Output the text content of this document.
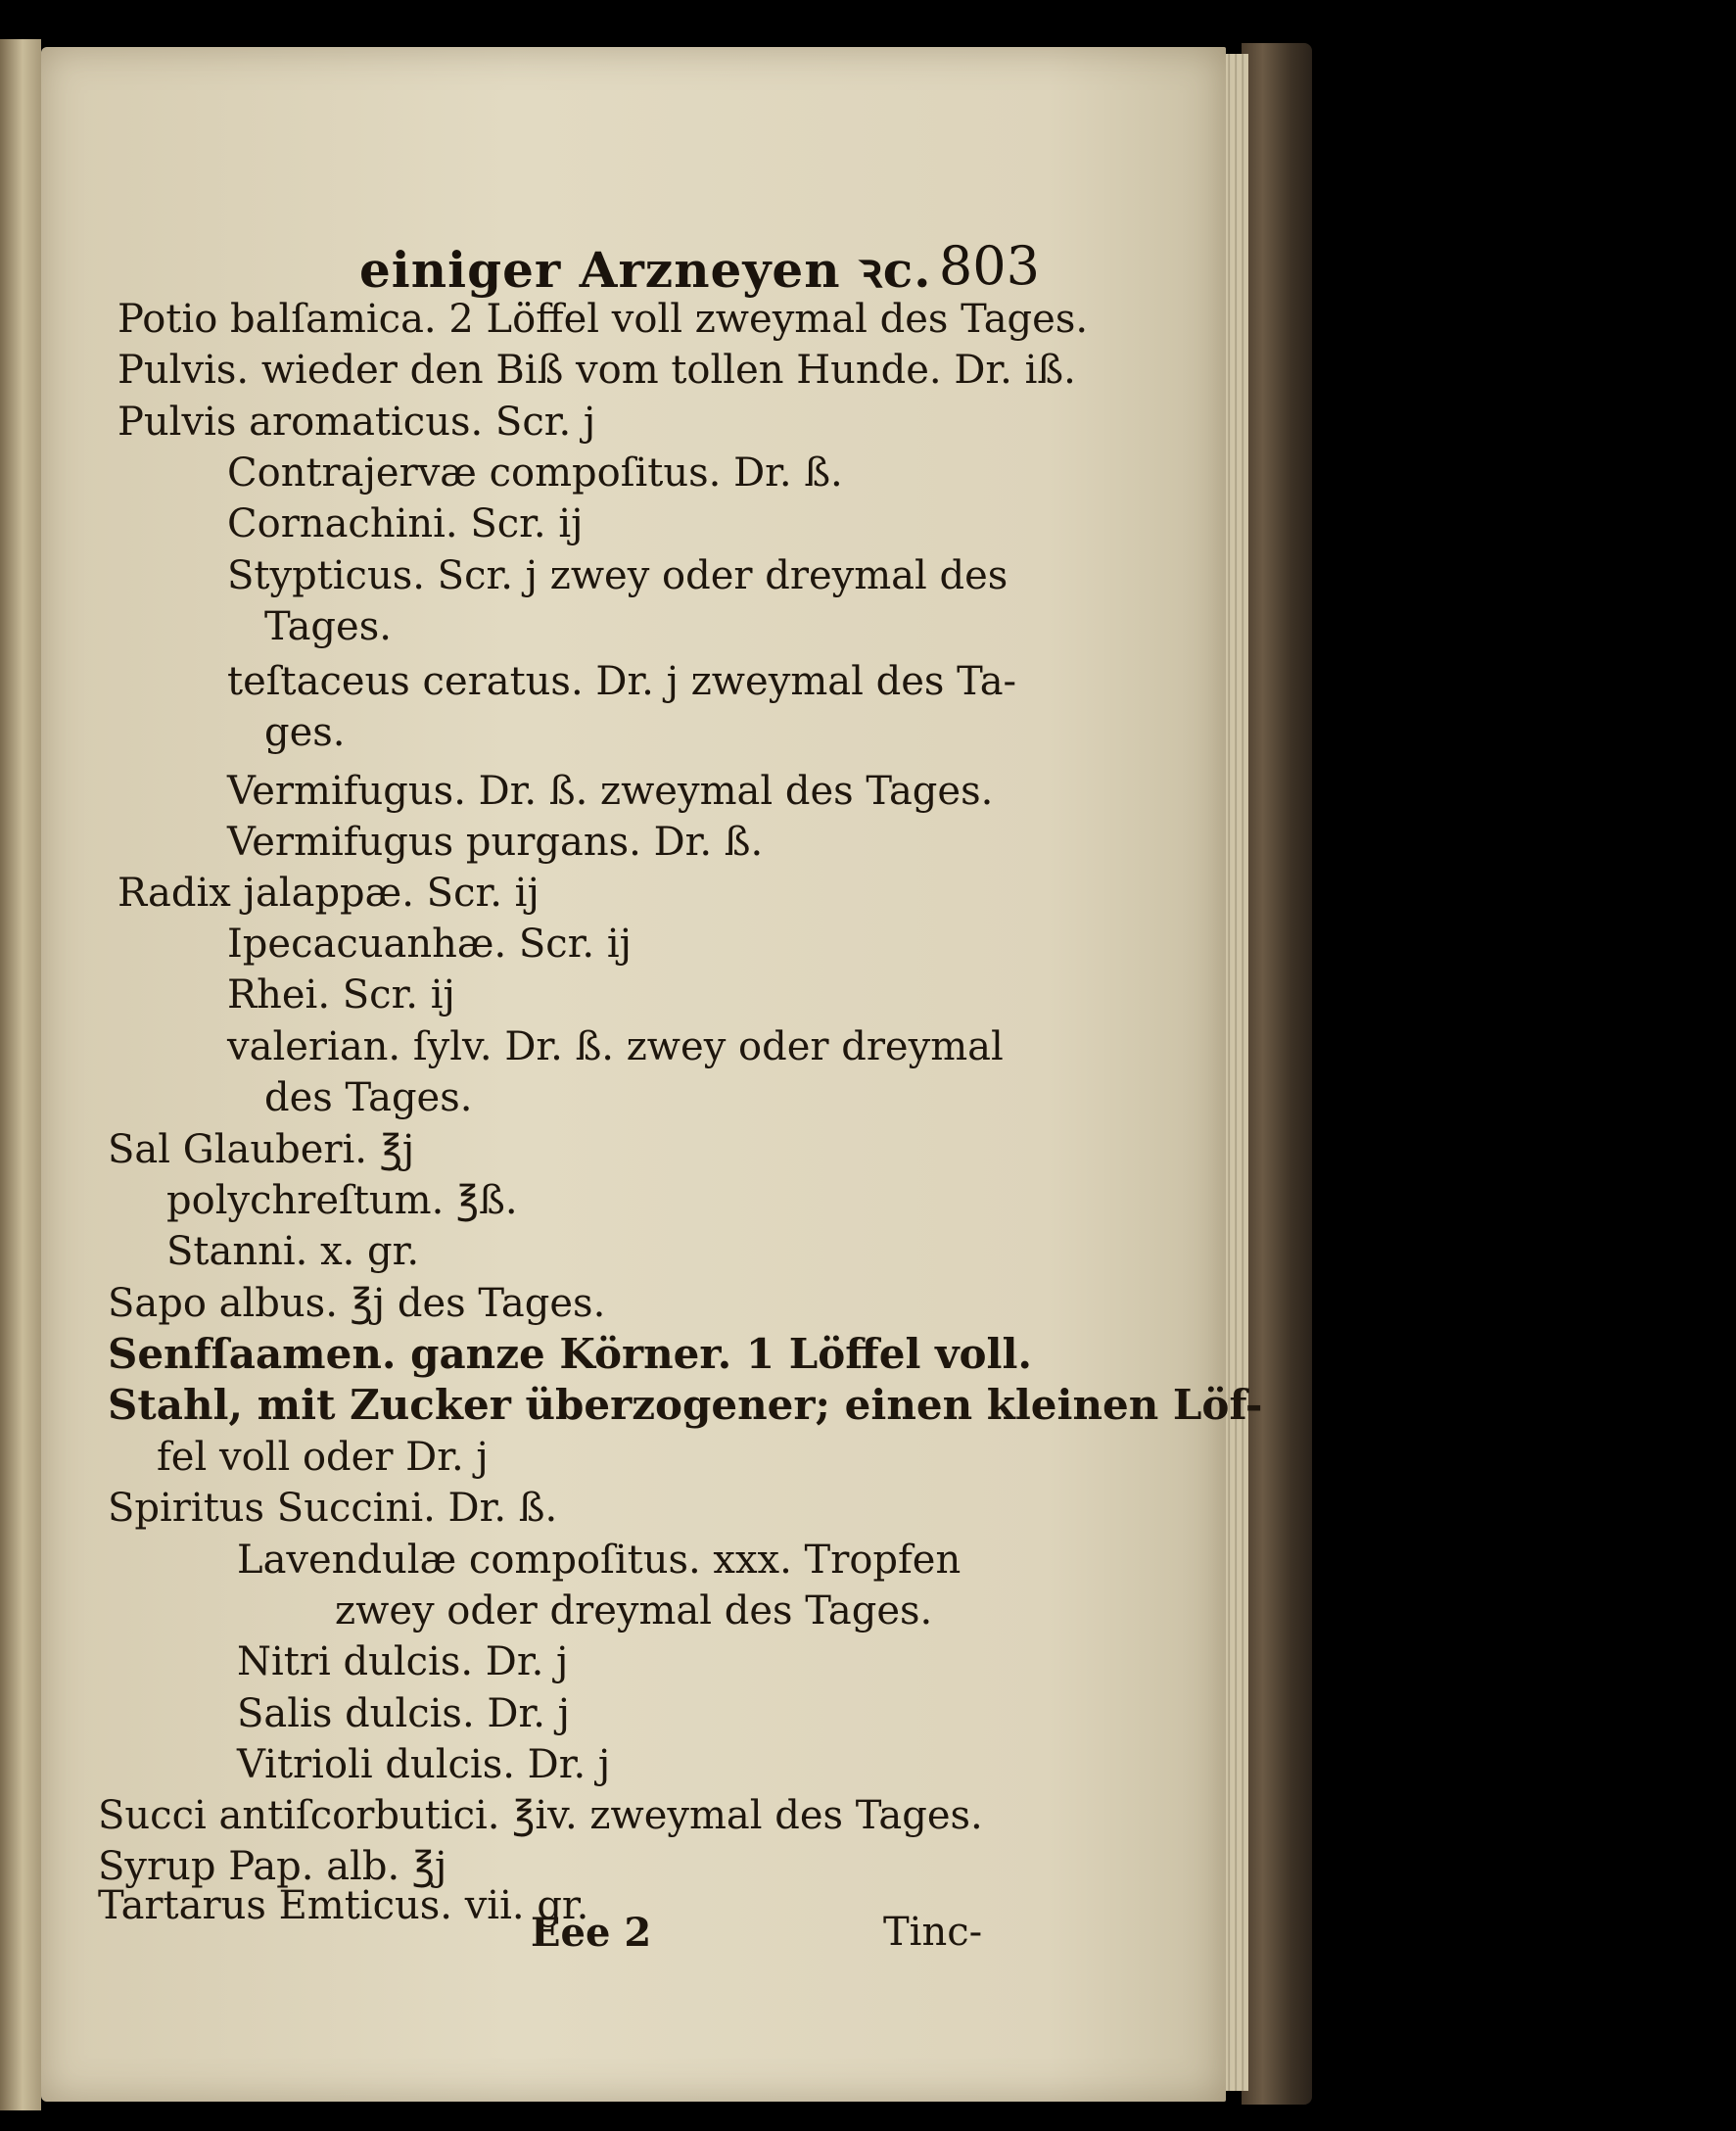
einiger Arzneyen ꝛc. 803
Potio balſamica. 2 Löffel voll zweymal des Tages.
Pulvis. wieder den Biß vom tollen Hunde. Dr. iß.
Pulvis aromaticus. Scr. j
Contrajervæ compoſitus. Dr. ß.
Cornachini. Scr. ij
Stypticus. Scr. j zwey oder dreymal des
Tages.
teſtaceus ceratus. Dr. j zweymal des Ta-
ges.
Vermifugus. Dr. ß. zweymal des Tages.
Vermifugus purgans. Dr. ß.
Radix jalappæ. Scr. ij
Ipecacuanhæ. Scr. ij
Rhei. Scr. ij
valerian. ſylv. Dr. ß. zwey oder dreymal
des Tages.
Sal Glauberi. ℥j
polychreſtum. ℥ß.
Stanni. x. gr.
Sapo albus. ℥j des Tages.
Senfſaamen. ganze Körner. 1 Löffel voll.
Stahl, mit Zucker überzogener; einen kleinen Löf-
fel voll oder Dr. j
Spiritus Succini. Dr. ß.
Lavendulæ compoſitus. xxx. Tropfen
zwey oder dreymal des Tages.
Nitri dulcis. Dr. j
Salis dulcis. Dr. j
Vitrioli dulcis. Dr. j
Succi antiſcorbutici. ℥iv. zweymal des Tages.
Syrup Pap. alb. ℥j
Tartarus Emticus. vii. gr.
Eee 2	Tinc-
